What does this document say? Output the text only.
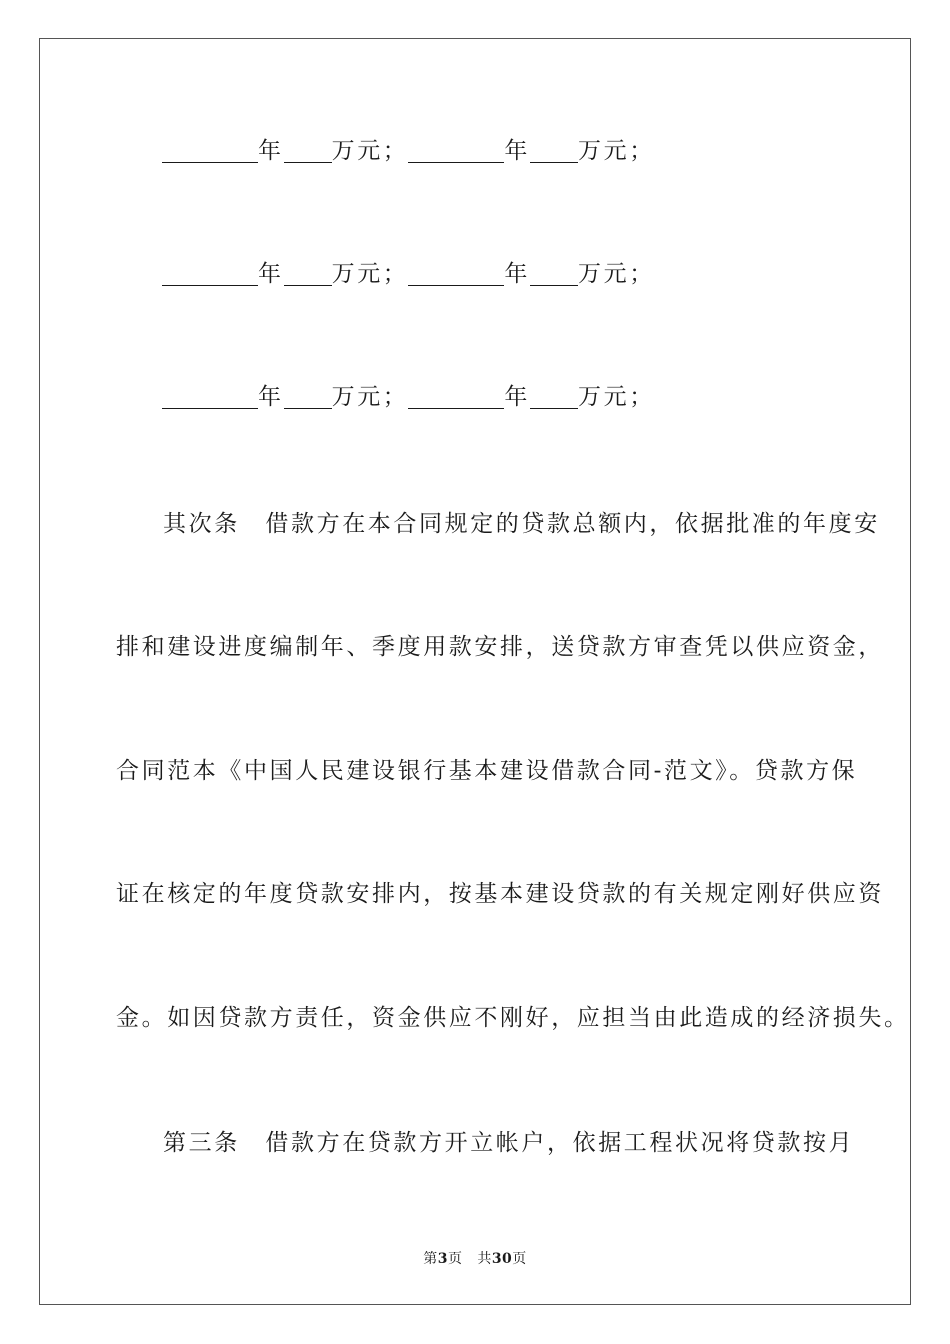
年 万元；	年 万元；
年 万元；	年 万元；
年 万元；	年 万元；
其次条　借款方在本合同规定的贷款总额内，依据批准的年度安
排和建设进度编制年、季度用款安排，送贷款方审查凭以供应资金，
合同范本《中国人民建设银行基本建设借款合同-范文》。贷款方保
证在核定的年度贷款安排内，按基本建设贷款的有关规定刚好供应资
金。如因贷款方责任，资金供应不刚好，应担当由此造成的经济损失。
第三条　借款方在贷款方开立帐户，依据工程状况将贷款按月
第3页 共30页
